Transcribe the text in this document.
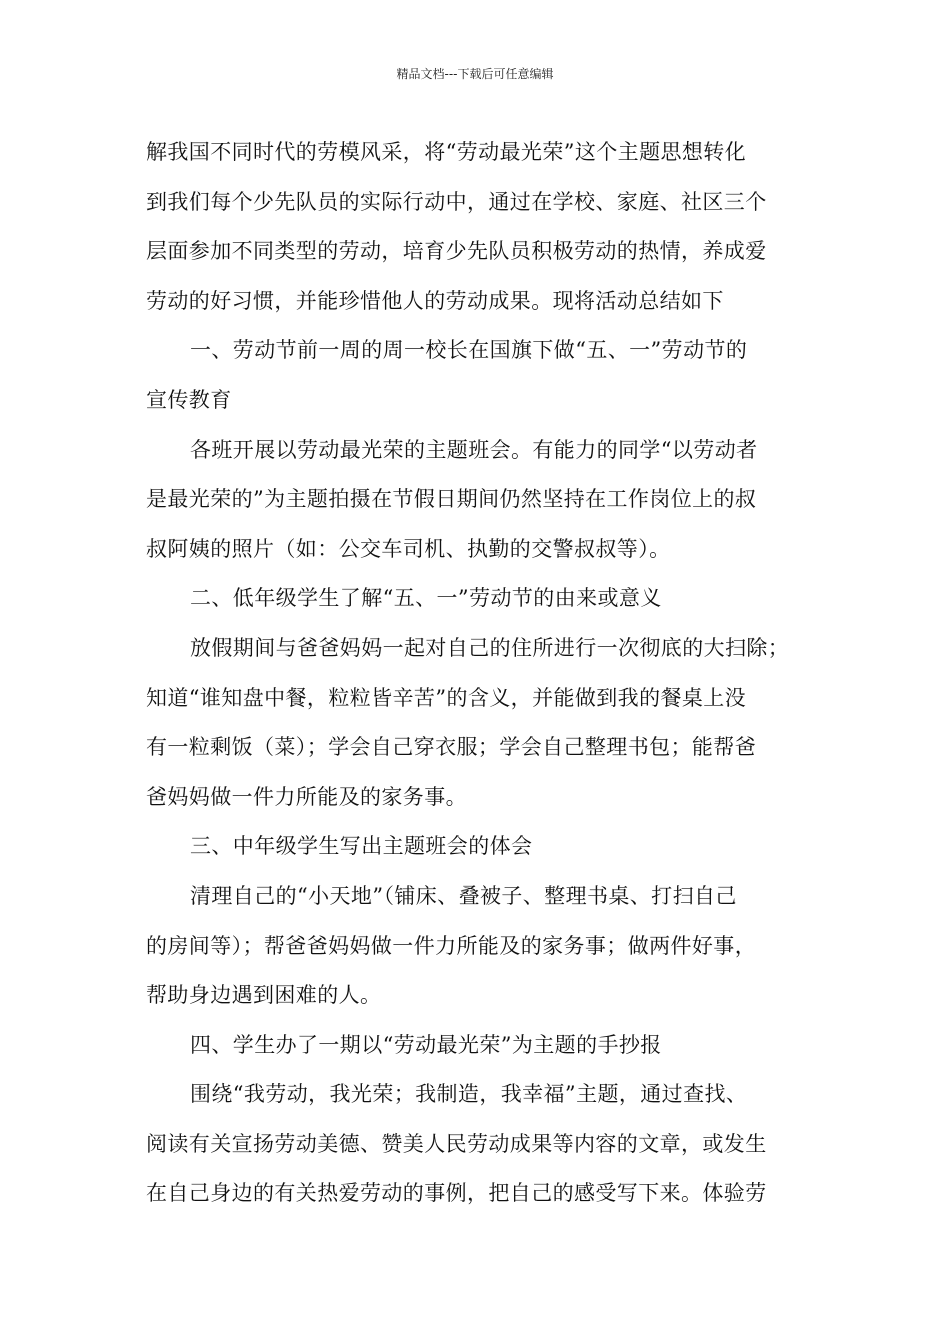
精品文档---下载后可任意编辑
解我国不同时代的劳模风采，将“劳动最光荣”这个主题思想转化
到我们每个少先队员的实际行动中，通过在学校、家庭、社区三个
层面参加不同类型的劳动，培育少先队员积极劳动的热情，养成爱
劳动的好习惯，并能珍惜他人的劳动成果。现将活动总结如下
一、劳动节前一周的周一校长在国旗下做“五、一”劳动节的
宣传教育
各班开展以劳动最光荣的主题班会。有能力的同学“以劳动者
是最光荣的”为主题拍摄在节假日期间仍然坚持在工作岗位上的叔
叔阿姨的照片（如：公交车司机、执勤的交警叔叔等）。
二、低年级学生了解“五、一”劳动节的由来或意义
放假期间与爸爸妈妈一起对自己的住所进行一次彻底的大扫除；
知道“谁知盘中餐，粒粒皆辛苦”的含义，并能做到我的餐桌上没
有一粒剩饭（菜）；学会自己穿衣服；学会自己整理书包；能帮爸
爸妈妈做一件力所能及的家务事。
三、中年级学生写出主题班会的体会
清理自己的“小天地”（铺床、叠被子、整理书桌、打扫自己
的房间等）；帮爸爸妈妈做一件力所能及的家务事；做两件好事，
帮助身边遇到困难的人。
四、学生办了一期以“劳动最光荣”为主题的手抄报
围绕“我劳动，我光荣；我制造，我幸福”主题，通过查找、
阅读有关宣扬劳动美德、赞美人民劳动成果等内容的文章，或发生
在自己身边的有关热爱劳动的事例，把自己的感受写下来。体验劳
